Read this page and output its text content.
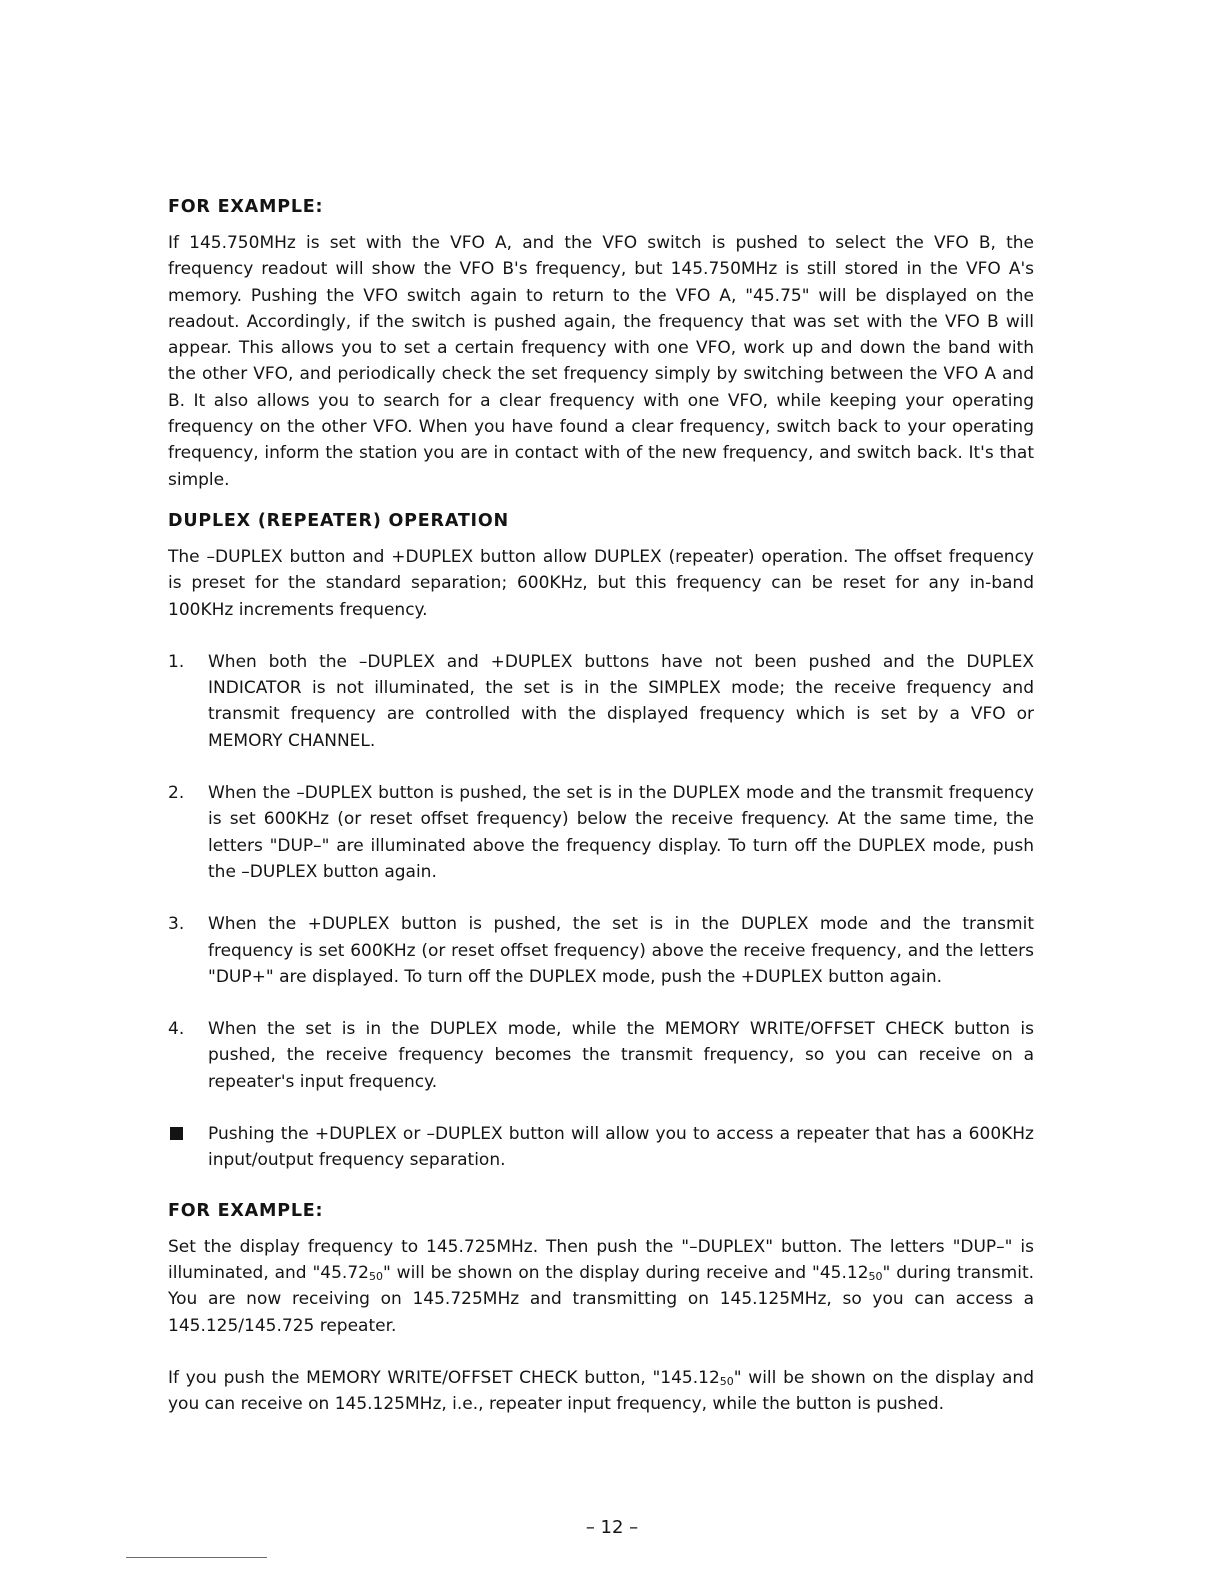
FOR EXAMPLE:

If 145.750MHz is set with the VFO A, and the VFO switch is pushed to select the VFO B, the frequency readout will show the VFO B's frequency, but 145.750MHz is still stored in the VFO A's memory. Pushing the VFO switch again to return to the VFO A, "45.75" will be displayed on the readout. Accordingly, if the switch is pushed again, the frequency that was set with the VFO B will appear. This allows you to set a certain frequency with one VFO, work up and down the band with the other VFO, and periodically check the set frequency simply by switching between the VFO A and B. It also allows you to search for a clear frequency with one VFO, while keeping your operating frequency on the other VFO. When you have found a clear frequency, switch back to your operating frequency, inform the station you are in contact with of the new frequency, and switch back. It's that simple.

DUPLEX (REPEATER) OPERATION

The –DUPLEX button and +DUPLEX button allow DUPLEX (repeater) operation. The offset frequency is preset for the standard separation; 600KHz, but this frequency can be reset for any in-band 100KHz increments frequency.

1.	When both the –DUPLEX and +DUPLEX buttons have not been pushed and the DUPLEX INDICATOR is not illuminated, the set is in the SIMPLEX mode; the receive frequency and transmit frequency are controlled with the displayed frequency which is set by a VFO or MEMORY CHANNEL.
2.	When the –DUPLEX button is pushed, the set is in the DUPLEX mode and the transmit frequency is set 600KHz (or reset offset frequency) below the receive frequency. At the same time, the letters "DUP–" are illuminated above the frequency display. To turn off the DUPLEX mode, push the –DUPLEX button again.
3.	When the +DUPLEX button is pushed, the set is in the DUPLEX mode and the transmit frequency is set 600KHz (or reset offset frequency) above the receive frequency, and the letters "DUP+" are displayed. To turn off the DUPLEX mode, push the +DUPLEX button again.
4.	When the set is in the DUPLEX mode, while the MEMORY WRITE/OFFSET CHECK button is pushed, the receive frequency becomes the transmit frequency, so you can receive on a repeater's input frequency.
Pushing the +DUPLEX or –DUPLEX button will allow you to access a repeater that has a 600KHz input/output frequency separation.
FOR EXAMPLE:

Set the display frequency to 145.725MHz. Then push the "–DUPLEX" button. The letters "DUP–" is illuminated, and "$45.72_{50}$" will be shown on the display during receive and "$45.12_{50}$" during transmit. You are now receiving on 145.725MHz and transmitting on 145.125MHz, so you can access a 145.125/145.725 repeater.

If you push the MEMORY WRITE/OFFSET CHECK button, "$145.12_{50}$" will be shown on the display and you can receive on 145.125MHz, i.e., repeater input frequency, while the button is pushed.

– 12 –
